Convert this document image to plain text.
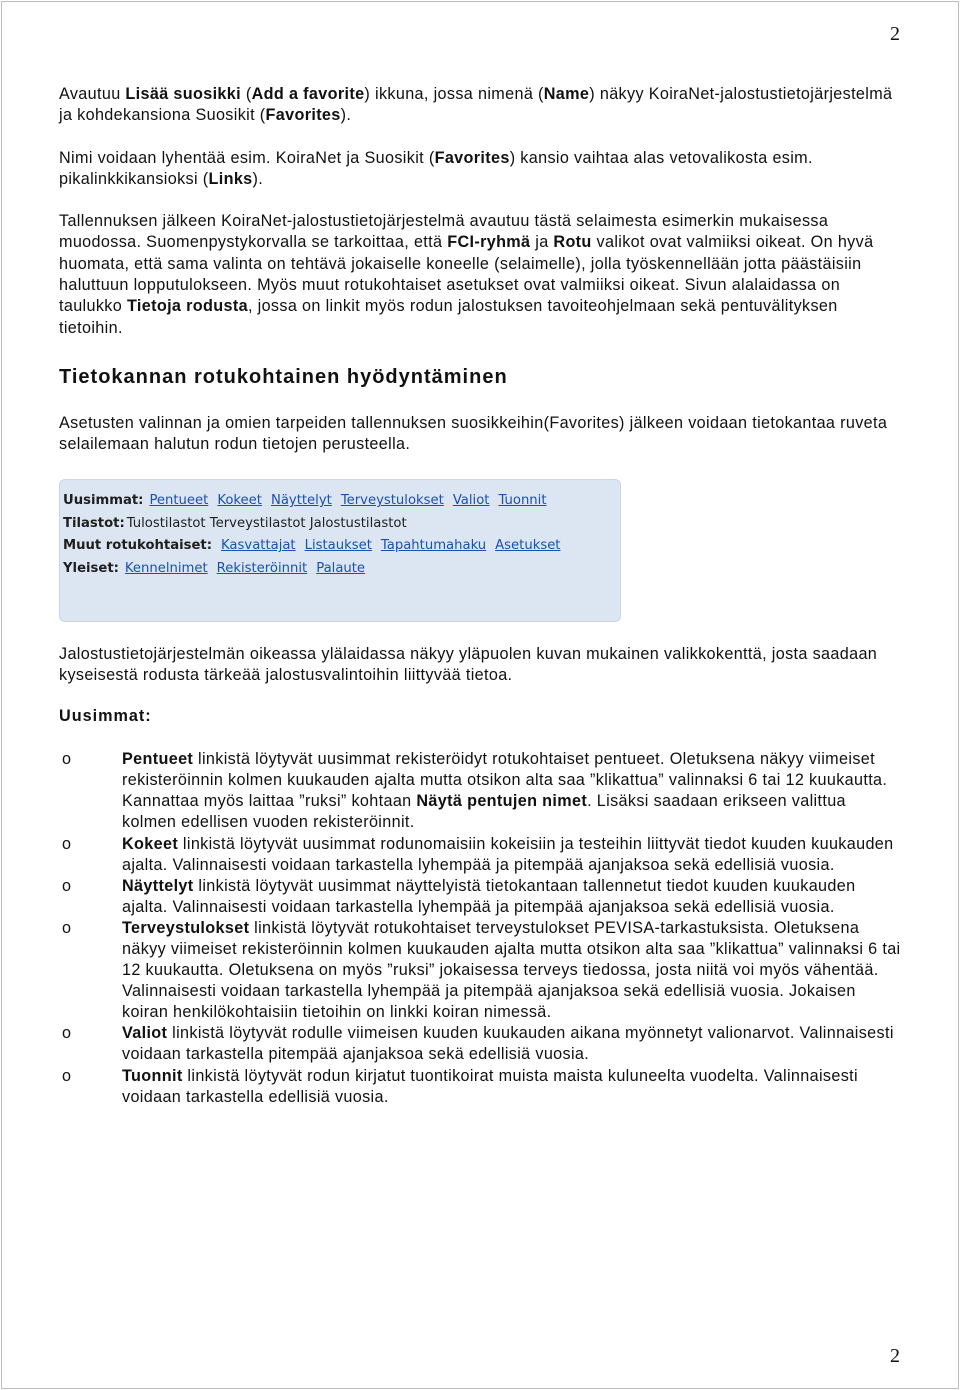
2

Avautuu Lisää suosikki (Add a favorite) ikkuna, jossa nimenä (Name) näkyy KoiraNet-jalostustietojärjestelmä ja kohdekansiona Suosikit (Favorites).

Nimi voidaan lyhentää esim. KoiraNet ja Suosikit (Favorites) kansio vaihtaa alas vetovalikosta esim. pikalinkkikansioksi (Links).

Tallennuksen jälkeen KoiraNet-jalostustietojärjestelmä avautuu tästä selaimesta esimerkin mukaisessa muodossa. Suomenpystykorvalla se tarkoittaa, että FCI-ryhmä ja Rotu valikot ovat valmiiksi oikeat. On hyvä huomata, että sama valinta on tehtävä jokaiselle koneelle (selaimelle), jolla työskennellään jotta päästäisiin haluttuun lopputulokseen. Myös muut rotukohtaiset asetukset ovat valmiiksi oikeat. Sivun alalaidassa on taulukko Tietoja rodusta, jossa on linkit myös rodun jalostuksen tavoiteohjelmaan sekä pentuvälityksen tietoihin.

Tietokannan rotukohtainen hyödyntäminen

Asetusten valinnan ja omien tarpeiden tallennuksen suosikkeihin(Favorites) jälkeen voidaan tietokantaa ruveta selailemaan halutun rodun tietojen perusteella.

Uusimmat: Pentueet Kokeet Näyttelyt Terveystulokset Valiot Tuonnit
Tilastot: Tulostilastot Terveystilastot Jalostustilastot
Muut rotukohtaiset: Kasvattajat Listaukset Tapahtumahaku Asetukset
Yleiset: Kennelnimet Rekisteröinnit Palaute

Jalostustietojärjestelmän oikeassa ylälaidassa näkyy yläpuolen kuvan mukainen valikkokenttä, josta saadaan kyseisestä rodusta tärkeää jalostusvalintoihin liittyvää tietoa.

Uusimmat:
o	Pentueet linkistä löytyvät uusimmat rekisteröidyt rotukohtaiset pentueet. Oletuksena näkyy viimeiset rekisteröinnin kolmen kuukauden ajalta mutta otsikon alta saa ”klikattua” valinnaksi 6 tai 12 kuukautta. Kannattaa myös laittaa ”ruksi” kohtaan Näytä pentujen nimet. Lisäksi saadaan erikseen valittua kolmen edellisen vuoden rekisteröinnit.
o	Kokeet linkistä löytyvät uusimmat rodunomaisiin kokeisiin ja testeihin liittyvät tiedot kuuden kuukauden ajalta. Valinnaisesti voidaan tarkastella lyhempää ja pitempää ajanjaksoa sekä edellisiä vuosia.
o	Näyttelyt linkistä löytyvät uusimmat näyttelyistä tietokantaan tallennetut tiedot kuuden kuukauden ajalta. Valinnaisesti voidaan tarkastella lyhempää ja pitempää ajanjaksoa sekä edellisiä vuosia.
o	Terveystulokset linkistä löytyvät rotukohtaiset terveystulokset PEVISA-tarkastuksista. Oletuksena näkyy viimeiset rekisteröinnin kolmen kuukauden ajalta mutta otsikon alta saa ”klikattua” valinnaksi 6 tai 12 kuukautta. Oletuksena on myös ”ruksi” jokaisessa terveys tiedossa, josta niitä voi myös vähentää. Valinnaisesti voidaan tarkastella lyhempää ja pitempää ajanjaksoa sekä edellisiä vuosia. Jokaisen koiran henkilökohtaisiin tietoihin on linkki koiran nimessä.
o	Valiot linkistä löytyvät rodulle viimeisen kuuden kuukauden aikana myönnetyt valionarvot. Valinnaisesti voidaan tarkastella pitempää ajanjaksoa sekä edellisiä vuosia.
o	Tuonnit linkistä löytyvät rodun kirjatut tuontikoirat muista maista kuluneelta vuodelta. Valinnaisesti voidaan tarkastella edellisiä vuosia.
2
